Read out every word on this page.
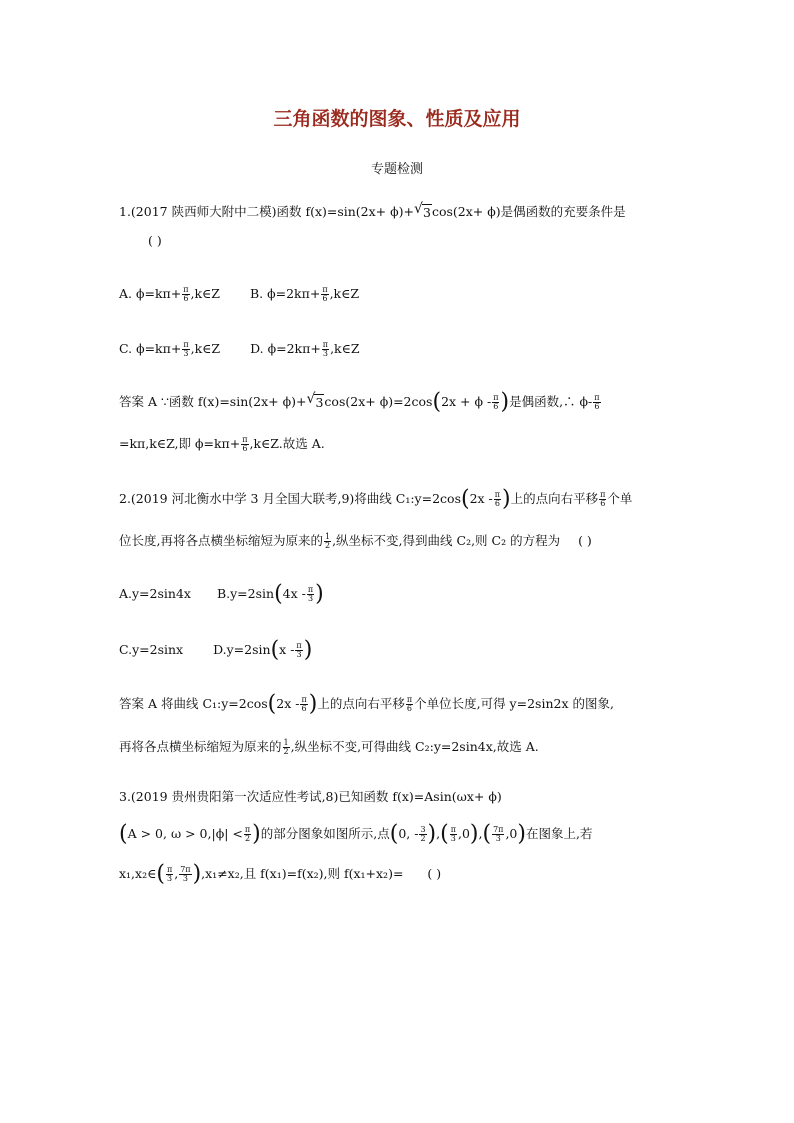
三角函数的图象、性质及应用
专题检测
1.(2017 陕西师大附中二模)函数 f(x)=sin(2x+ ϕ)+ √ 3cos(2x+ ϕ)是偶函数的充要条件是
( )
A. $\phi=k\pi+ \frac{\pi}{6}$ ,k∈Z B. $\phi=2k\pi+ \frac{\pi}{6}$ ,k∈Z
C. $\phi=k\pi+ \frac{\pi}{3}$ ,k∈Z D. $\phi=2k\pi+ \frac{\pi}{3}$ ,k∈Z
答案 A ∵函数 f(x)=sin(2x+ ϕ)+ √ $3\cos(2x+ \phi)=2\cos(2x + \phi - \frac{\pi}{6}$ )是偶函数,∴ $\phi- \frac{\pi}{6}$
=kπ,k∈Z,即 $\phi=k\pi+ \frac{\pi}{6}$ ,k∈Z.故选 A.
2.(2019 河北衡水中学 3 月全国大联考,9)将曲线 C₁:y=2cos(2x - $\frac{\pi}{6}$ )上的点向右平移 $\frac{\pi}{6}$ 个单
位长度,再将各点横坐标缩短为原来的 $\frac{1}{2}$ ,纵坐标不变,得到曲线 C₂,则 C₂ 的方程为 ( )
A.y=2sin4x $B.y=2\sin(4x - \frac{\pi}{3}$ )
C.y=2sinx $D.y=2\sin(x - \frac{\pi}{3}$ )
答案 A 将曲线 C₁:y=2cos(2x - $\frac{\pi}{6}$ )上的点向右平移 $\frac{\pi}{6}$ 个单位长度,可得 y=2sin2x 的图象,
再将各点横坐标缩短为原来的 $\frac{1}{2}$ ,纵坐标不变,可得曲线 C₂:y=2sin4x,故选 A.
3.(2019 贵州贵阳第一次适应性考试,8)已知函数 f(x)=Asin(ωx+ ϕ)
(A > 0, $\omega > 0,|\phi| < \frac{\pi}{2}$ )的部分图象如图所示,点(0, - $\frac{3}{2}$ ),( $\frac{\pi}{3} ,0),( \frac{7\pi}{3} ,0)$在图象上,若
x₁,x₂∈( $\frac{\pi}{3}$ , $\frac{7\pi}{3} ),x_1\ne x_2$,且 f(x₁)=f(x₂),则 f(x₁+x₂)= ( )
